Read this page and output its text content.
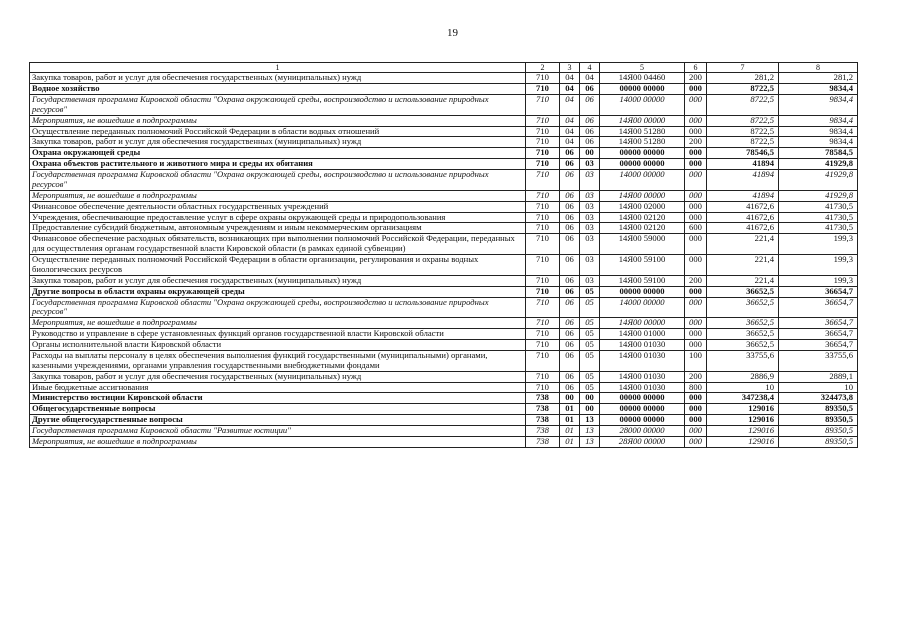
19
1	2	3	4	5	6	7	8
Закупка товаров, работ и услуг для обеспечения государственных (муниципальных) нужд	710	04	04	14Я00 04460	200	281,2	281,2
Водное хозяйство	710	04	06	00000 00000	000	8722,5	9834,4
Государственная программа Кировской области "Охрана окружающей среды, воспроизводство и использование природных ресурсов"	710	04	06	14000 00000	000	8722,5	9834,4
Мероприятия, не вошедшие в подпрограммы	710	04	06	14Я00 00000	000	8722,5	9834,4
Осуществление переданных полномочий Российской Федерации в области водных отношений	710	04	06	14Я00 51280	000	8722,5	9834,4
Закупка товаров, работ и услуг для обеспечения государственных (муниципальных) нужд	710	04	06	14Я00 51280	200	8722,5	9834,4
Охрана окружающей среды	710	06	00	00000 00000	000	78546,5	78584,5
Охрана объектов растительного и животного мира и среды их обитания	710	06	03	00000 00000	000	41894	41929,8
Государственная программа Кировской области "Охрана окружающей среды, воспроизводство и использование природных ресурсов"	710	06	03	14000 00000	000	41894	41929,8
Мероприятия, не вошедшие в подпрограммы	710	06	03	14Я00 00000	000	41894	41929,8
Финансовое обеспечение деятельности областных государственных учреждений	710	06	03	14Я00 02000	000	41672,6	41730,5
Учреждения, обеспечивающие предоставление услуг в сфере охраны окружающей среды и природопользования	710	06	03	14Я00 02120	000	41672,6	41730,5
Предоставление субсидий бюджетным, автономным учреждениям и иным некоммерческим организациям	710	06	03	14Я00 02120	600	41672,6	41730,5
Финансовое обеспечение расходных обязательств, возникающих при выполнении полномочий Российской Федерации, переданных для осуществления органам государственной власти Кировской области (в рамках единой субвенции)	710	06	03	14Я00 59000	000	221,4	199,3
Осуществление переданных полномочий Российской Федерации в области организации, регулирования и охраны водных биологических ресурсов	710	06	03	14Я00 59100	000	221,4	199,3
Закупка товаров, работ и услуг для обеспечения государственных (муниципальных) нужд	710	06	03	14Я00 59100	200	221,4	199,3
Другие вопросы в области охраны окружающей среды	710	06	05	00000 00000	000	36652,5	36654,7
Государственная программа Кировской области "Охрана окружающей среды, воспроизводство и использование природных ресурсов"	710	06	05	14000 00000	000	36652,5	36654,7
Мероприятия, не вошедшие в подпрограммы	710	06	05	14Я00 00000	000	36652,5	36654,7
Руководство и управление в сфере установленных функций органов государственной власти Кировской области	710	06	05	14Я00 01000	000	36652,5	36654,7
Органы исполнительной власти Кировской области	710	06	05	14Я00 01030	000	36652,5	36654,7
Расходы на выплаты персоналу в целях обеспечения выполнения функций государственными (муниципальными) органами, казенными учреждениями, органами управления государственными внебюджетными фондами	710	06	05	14Я00 01030	100	33755,6	33755,6
Закупка товаров, работ и услуг для обеспечения государственных (муниципальных) нужд	710	06	05	14Я00 01030	200	2886,9	2889,1
Иные бюджетные ассигнования	710	06	05	14Я00 01030	800	10	10
Министерство юстиции Кировской области	738	00	00	00000 00000	000	347238,4	324473,8
Общегосударственные вопросы	738	01	00	00000 00000	000	129016	89350,5
Другие общегосударственные вопросы	738	01	13	00000 00000	000	129016	89350,5
Государственная программа Кировской области "Развитие юстиции"	738	01	13	28000 00000	000	129016	89350,5
Мероприятия, не вошедшие в подпрограммы	738	01	13	28Я00 00000	000	129016	89350,5
